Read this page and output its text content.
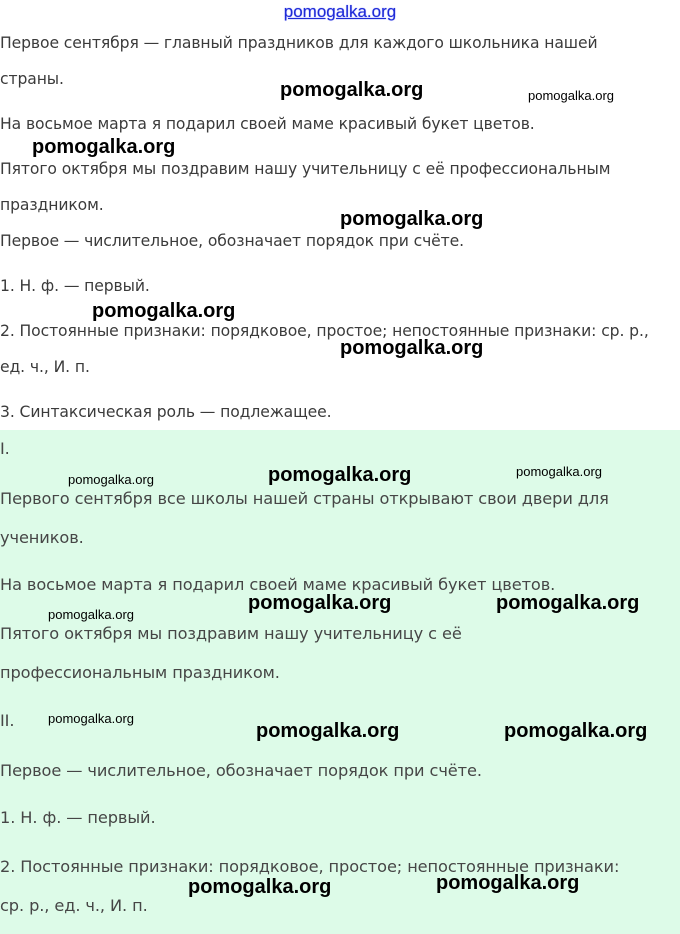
pomogalka.org

Первое сентября — главный праздников для каждого школьника нашей

страны.

На восьмое марта я подарил своей маме красивый букет цветов.

Пятого октября мы поздравим нашу учительницу с её профессиональным

праздником.

Первое — числительное, обозначает порядок при счёте.

1. Н. ф. — первый.

2. Постоянные признаки: порядковое, простое; непостоянные признаки: ср. р.,

ед. ч., И. п.

3. Синтаксическая роль — подлежащее.

I.

Первого сентября все школы нашей страны открывают свои двери для

учеников.

На восьмое марта я подарил своей маме красивый букет цветов.

Пятого октября мы поздравим нашу учительницу с её

профессиональным праздником.

II.

Первое — числительное, обозначает порядок при счёте.

1. Н. ф. — первый.

2. Постоянные признаки: порядковое, простое; непостоянные признаки:

ср. р., ед. ч., И. п.

pomogalka.org	pomogalka.org
pomogalka.org
pomogalka.org
pomogalka.org
pomogalka.org
pomogalka.org	pomogalka.org	pomogalka.org
pomogalka.org
pomogalka.org	pomogalka.org
pomogalka.org
pomogalka.org	pomogalka.org
pomogalka.org	pomogalka.org
